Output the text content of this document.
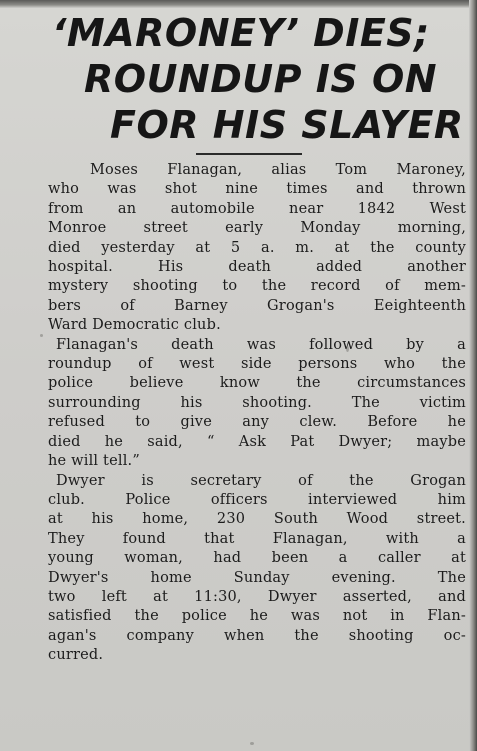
‘MARONEY’ DIES;
ROUNDUP IS ON
FOR HIS SLAYER
Moses Flanagan, alias Tom Maroney,
who was shot nine times and thrown
from an automobile near 1842 West
Monroe street early Monday morning,
died yesterday at 5 a. m. at the county
hospital. His death added another
mystery shooting to the record of mem-
bers of Barney Grogan's Eeighteenth
Ward Democratic club.
Flanagan's death was followed by a
roundup of west side persons who the
police believe know the circumstances
surrounding his shooting. The victim
refused to give any clew. Before he
died he said, “ Ask Pat Dwyer; maybe
he will tell.”
Dwyer is secretary of the Grogan
club. Police officers interviewed him
at his home, 230 South Wood street.
They found that Flanagan, with a
young woman, had been a caller at
Dwyer's home Sunday evening. The
two left at 11:30, Dwyer asserted, and
satisfied the police he was not in Flan-
agan's company when the shooting oc-
curred.
